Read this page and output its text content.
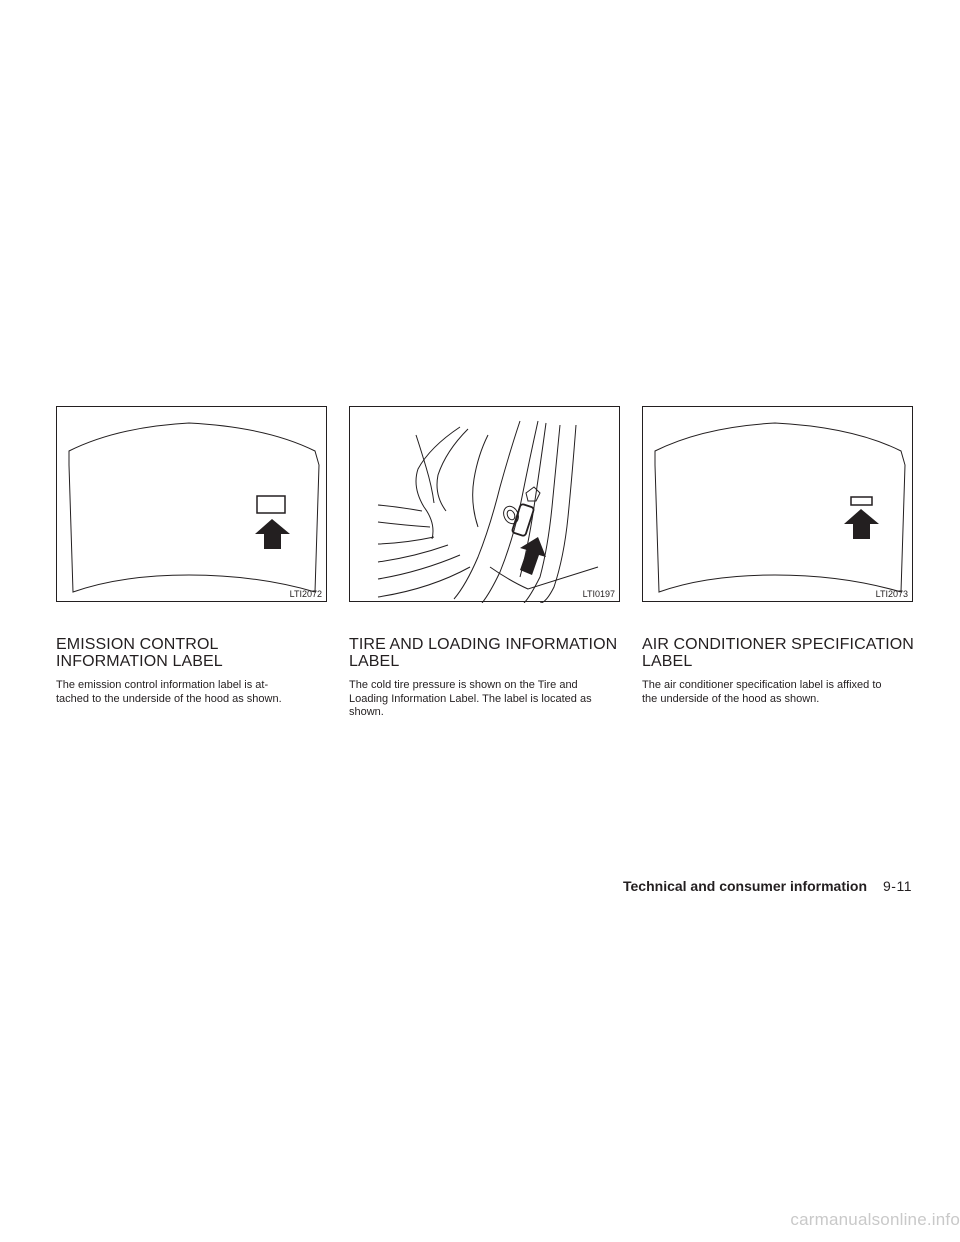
LTI2072	LTI0197	LTI2073
EMISSION CONTROL
INFORMATION LABEL

The emission control information label is at-
tached to the underside of the hood as shown.

TIRE AND LOADING INFORMATION
LABEL

The cold tire pressure is shown on the Tire and
Loading Information Label. The label is located as
shown.

AIR CONDITIONER SPECIFICATION
LABEL

The air conditioner specification label is affixed to
the underside of the hood as shown.

Technical and consumer information 9-11
carmanualsonline.info
